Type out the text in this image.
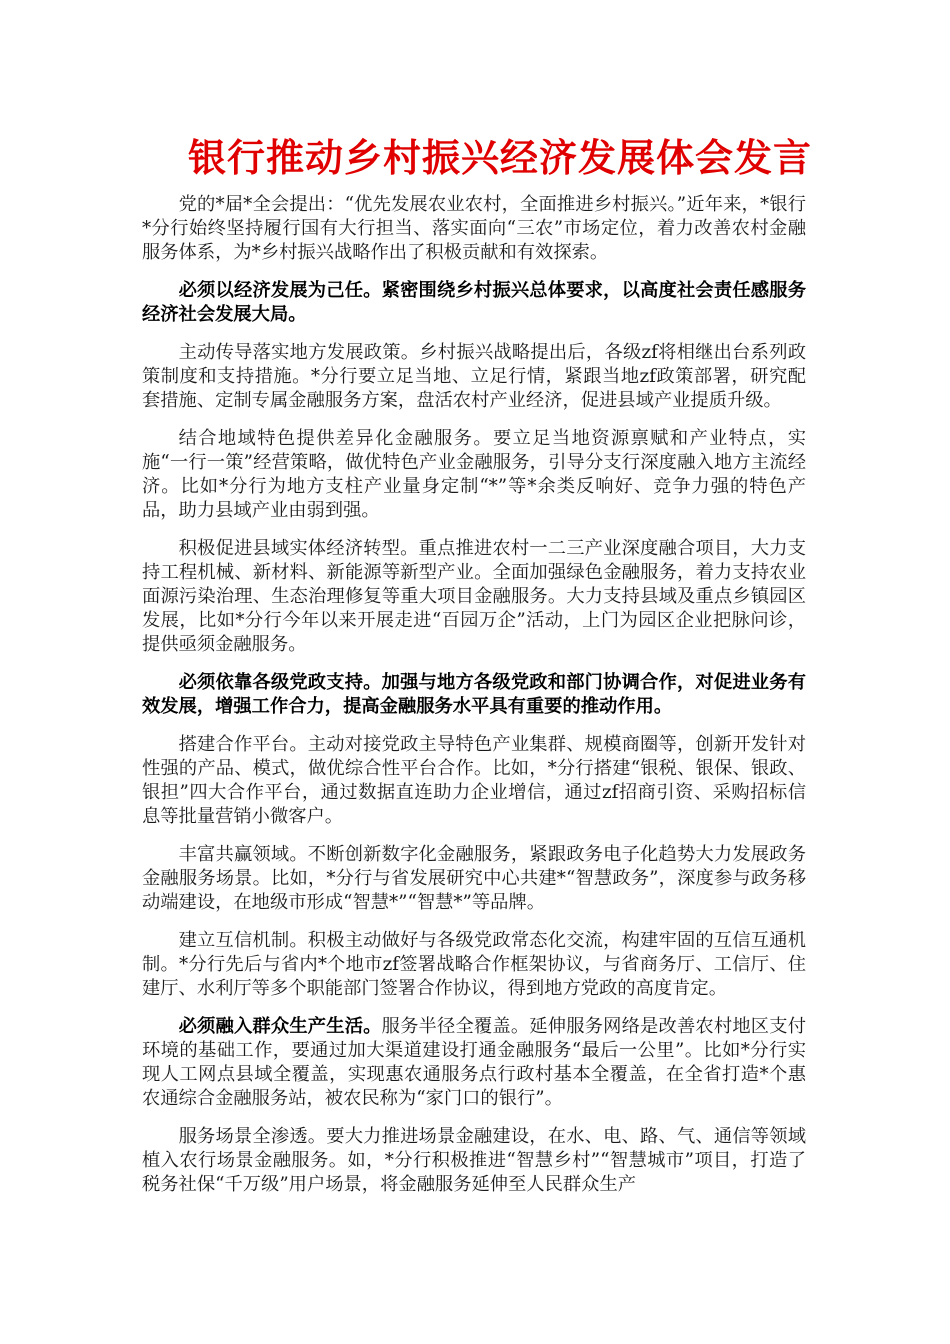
银行推动乡村振兴经济发展体会发言

党的*届*全会提出：“优先发展农业农村，全面推进乡村振兴。”近年来，*银行*分行始终坚持履行国有大行担当、落实面向“三农”市场定位，着力改善农村金融服务体系，为*乡村振兴战略作出了积极贡献和有效探索。

必须以经济发展为己任。紧密围绕乡村振兴总体要求，以高度社会责任感服务经济社会发展大局。

主动传导落实地方发展政策。乡村振兴战略提出后，各级zf将相继出台系列政策制度和支持措施。*分行要立足当地、立足行情，紧跟当地zf政策部署，研究配套措施、定制专属金融服务方案，盘活农村产业经济，促进县域产业提质升级。

结合地域特色提供差异化金融服务。要立足当地资源禀赋和产业特点，实施“一行一策”经营策略，做优特色产业金融服务，引导分支行深度融入地方主流经济。比如*分行为地方支柱产业量身定制“*”等*余类反响好、竞争力强的特色产品，助力县域产业由弱到强。

积极促进县域实体经济转型。重点推进农村一二三产业深度融合项目，大力支持工程机械、新材料、新能源等新型产业。全面加强绿色金融服务，着力支持农业面源污染治理、生态治理修复等重大项目金融服务。大力支持县域及重点乡镇园区发展，比如*分行今年以来开展走进“百园万企”活动，上门为园区企业把脉问诊，提供亟须金融服务。

必须依靠各级党政支持。加强与地方各级党政和部门协调合作，对促进业务有效发展，增强工作合力，提高金融服务水平具有重要的推动作用。

搭建合作平台。主动对接党政主导特色产业集群、规模商圈等，创新开发针对性强的产品、模式，做优综合性平台合作。比如，*分行搭建“银税、银保、银政、银担”四大合作平台，通过数据直连助力企业增信，通过zf招商引资、采购招标信息等批量营销小微客户。

丰富共赢领域。不断创新数字化金融服务，紧跟政务电子化趋势大力发展政务金融服务场景。比如，*分行与省发展研究中心共建*“智慧政务”，深度参与政务移动端建设，在地级市形成“智慧*”“智慧*”等品牌。

建立互信机制。积极主动做好与各级党政常态化交流，构建牢固的互信互通机制。*分行先后与省内*个地市zf签署战略合作框架协议，与省商务厅、工信厅、住建厅、水利厅等多个职能部门签署合作协议，得到地方党政的高度肯定。

必须融入群众生产生活。服务半径全覆盖。延伸服务网络是改善农村地区支付环境的基础工作，要通过加大渠道建设打通金融服务“最后一公里”。比如*分行实现人工网点县域全覆盖，实现惠农通服务点行政村基本全覆盖，在全省打造*个惠农通综合金融服务站，被农民称为“家门口的银行”。

服务场景全渗透。要大力推进场景金融建设，在水、电、路、气、通信等领域植入农行场景金融服务。如，*分行积极推进“智慧乡村”“智慧城市”项目，打造了税务社保“千万级”用户场景，将金融服务延伸至人民群众生产
